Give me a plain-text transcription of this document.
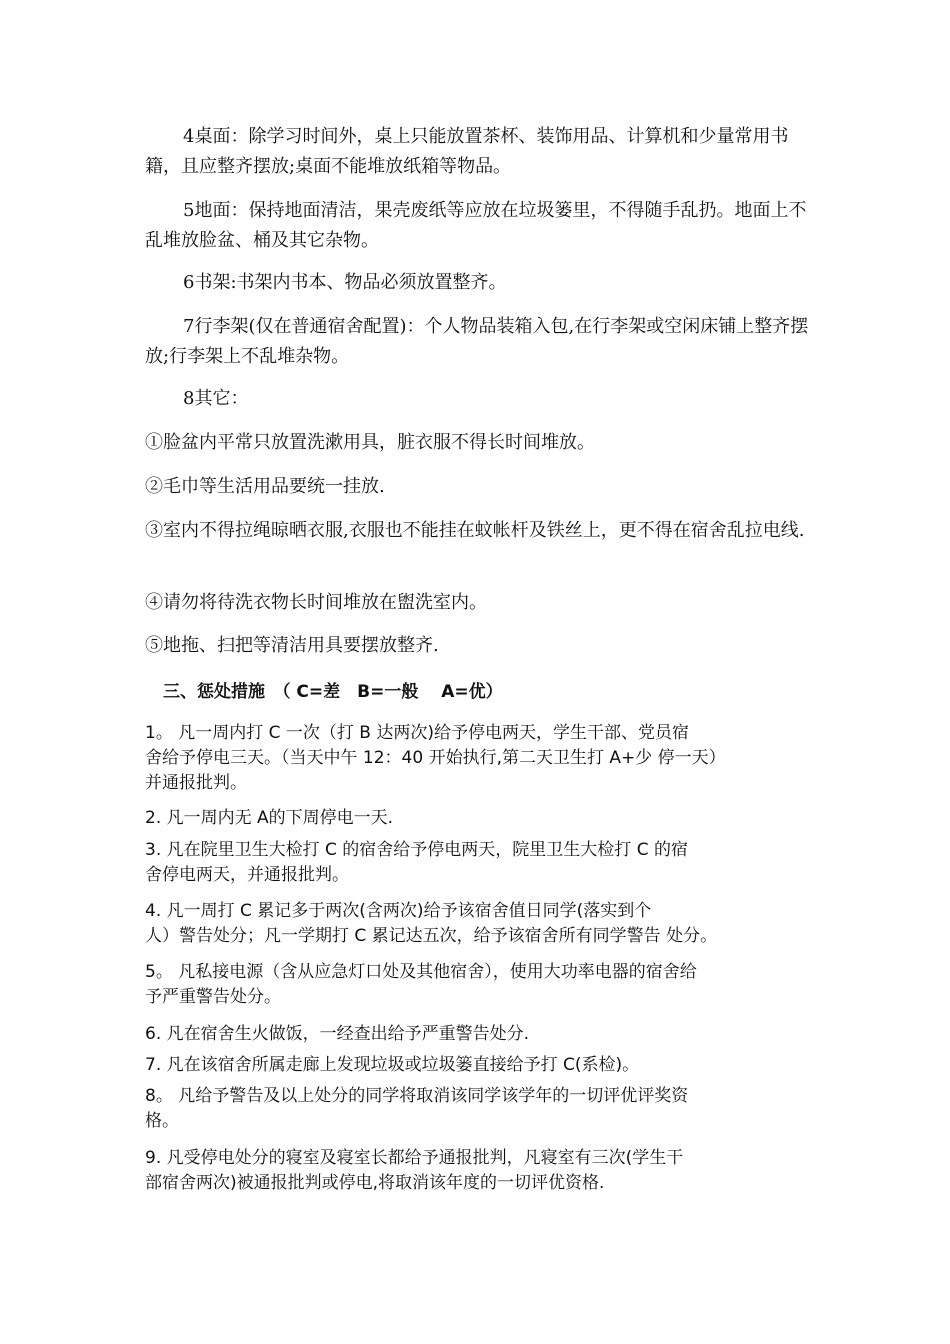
4桌面：除学习时间外，桌上只能放置茶杯、装饰用品、计算机和少量常用书籍，且应整齐摆放;桌面不能堆放纸箱等物品。

5地面：保持地面清洁，果壳废纸等应放在垃圾篓里，不得随手乱扔。地面上不乱堆放脸盆、桶及其它杂物。

6书架:书架内书本、物品必须放置整齐。

7行李架(仅在普通宿舍配置)：个人物品装箱入包,在行李架或空闲床铺上整齐摆放;行李架上不乱堆杂物。

8其它：

①脸盆内平常只放置洗漱用具，脏衣服不得长时间堆放。

②毛巾等生活用品要统一挂放.

③室内不得拉绳晾晒衣服,衣服也不能挂在蚊帐杆及铁丝上，更不得在宿舍乱拉电线.

④请勿将待洗衣物长时间堆放在盥洗室内。

⑤地拖、扫把等清洁用具要摆放整齐.

三、惩处措施　（ C=差　B=一般　 A=优）

1。 凡一周内打 C 一次（打 B 达两次)给予停电两天，学生干部、党员宿
舍给予停电三天。（当天中午 12：40 开始执行,第二天卫生打 A+少 停一天）
并通报批判。
2. 凡一周内无 A的下周停电一天.
3. 凡在院里卫生大检打 C 的宿舍给予停电两天，院里卫生大检打 C 的宿
舍停电两天，并通报批判。
4. 凡一周打 C 累记多于两次(含两次)给予该宿舍值日同学(落实到个
人）警告处分；凡一学期打 C 累记达五次，给予该宿舍所有同学警告 处分。
5。 凡私接电源（含从应急灯口处及其他宿舍），使用大功率电器的宿舍给
予严重警告处分。
6. 凡在宿舍生火做饭，一经查出给予严重警告处分.
7. 凡在该宿舍所属走廊上发现垃圾或垃圾篓直接给予打 C(系检)。
8。 凡给予警告及以上处分的同学将取消该同学该学年的一切评优评奖资
格。
9. 凡受停电处分的寝室及寝室长都给予通报批判，凡寝室有三次(学生干
部宿舍两次)被通报批判或停电,将取消该年度的一切评优资格.
